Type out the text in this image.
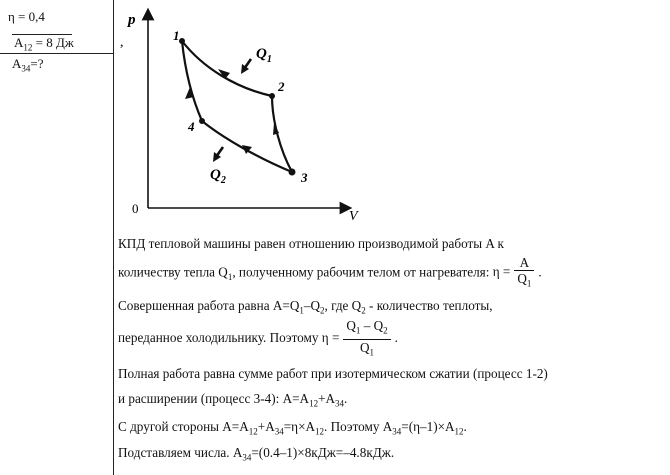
η = 0,4
$A_{12} = 8$ Дж
$A_{34}=$?
p
V
0
,	1
2
3
4
$Q_1$
$Q_2$
КПД тепловой машины равен отношению производимой работы A к
количеству тепла $Q_1$, полученному рабочим телом от нагревателя: $\eta = \frac{A}{Q_1}$ .
Совершенная работа равна $A=Q_1-Q_2$, где $Q_2$ - количество теплоты,
переданное холодильнику. Поэтому $\eta = \frac{Q_1 - Q_2}{Q_1}$ .
Полная работа равна сумме работ при изотермическом сжатии (процесс 1-2)
и расширении (процесс 3-4): $A=A_{12}+A_{34}$.
С другой стороны $A=A_{12}+A_{34}=\eta\times A_{12}$. Поэтому $A_{34}=(\eta-1)\times A_{12}$.
Подставляем числа. $A_{34}=(0.4-1)\times 8кДж=-4.8кДж$.
